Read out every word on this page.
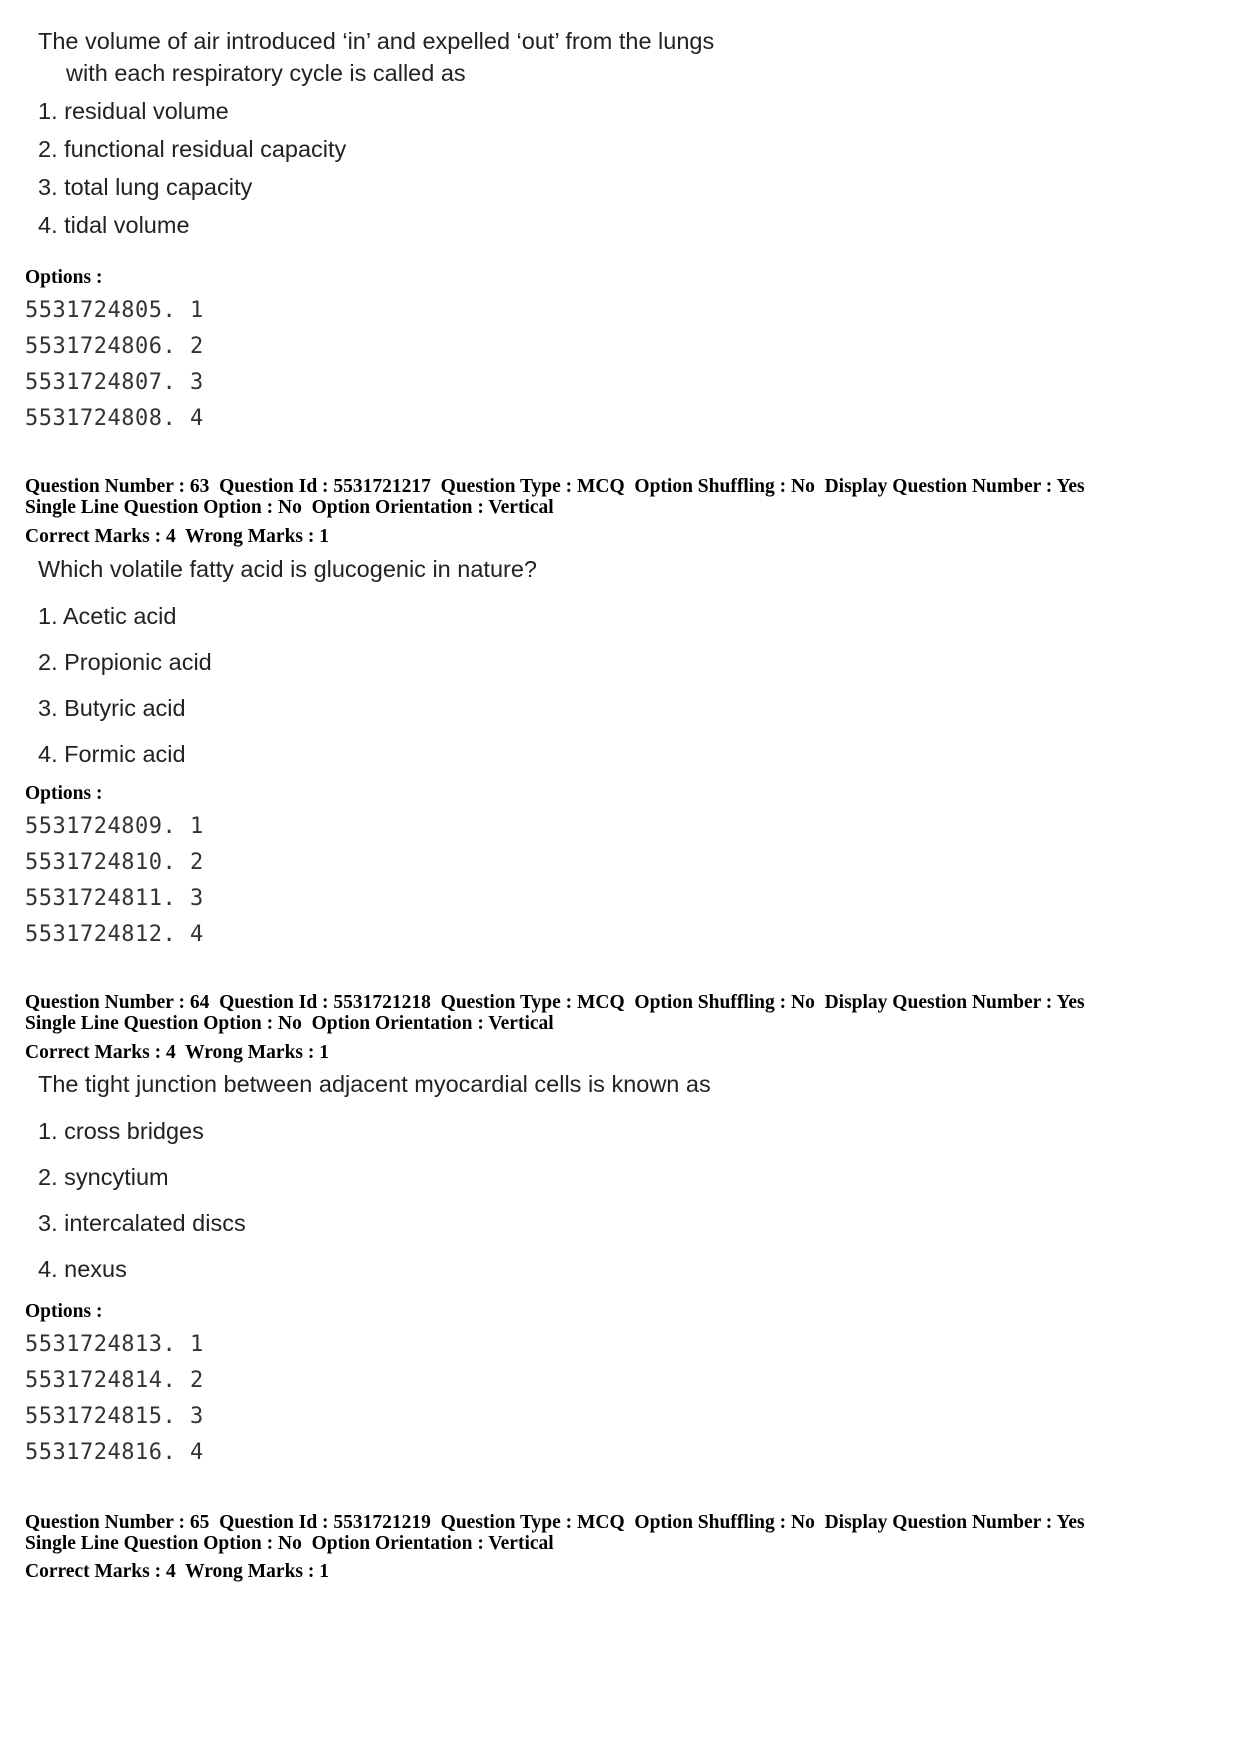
The volume of air introduced ‘in’ and expelled ‘out’ from the lungs
with each respiratory cycle is called as
1. residual volume
2. functional residual capacity
3. total lung capacity
4. tidal volume
Options :
5531724805. 1
5531724806. 2
5531724807. 3
5531724808. 4
Question Number : 63  Question Id : 5531721217  Question Type : MCQ  Option Shuffling : No  Display Question Number : Yes
Single Line Question Option : No  Option Orientation : Vertical
Correct Marks : 4  Wrong Marks : 1
Which volatile fatty acid is glucogenic in nature?
1. Acetic acid
2. Propionic acid
3. Butyric acid
4. Formic acid
Options :
5531724809. 1
5531724810. 2
5531724811. 3
5531724812. 4
Question Number : 64  Question Id : 5531721218  Question Type : MCQ  Option Shuffling : No  Display Question Number : Yes
Single Line Question Option : No  Option Orientation : Vertical
Correct Marks : 4  Wrong Marks : 1
The tight junction between adjacent myocardial cells is known as
1. cross bridges
2. syncytium
3. intercalated discs
4. nexus
Options :
5531724813. 1
5531724814. 2
5531724815. 3
5531724816. 4
Question Number : 65  Question Id : 5531721219  Question Type : MCQ  Option Shuffling : No  Display Question Number : Yes
Single Line Question Option : No  Option Orientation : Vertical
Correct Marks : 4  Wrong Marks : 1
